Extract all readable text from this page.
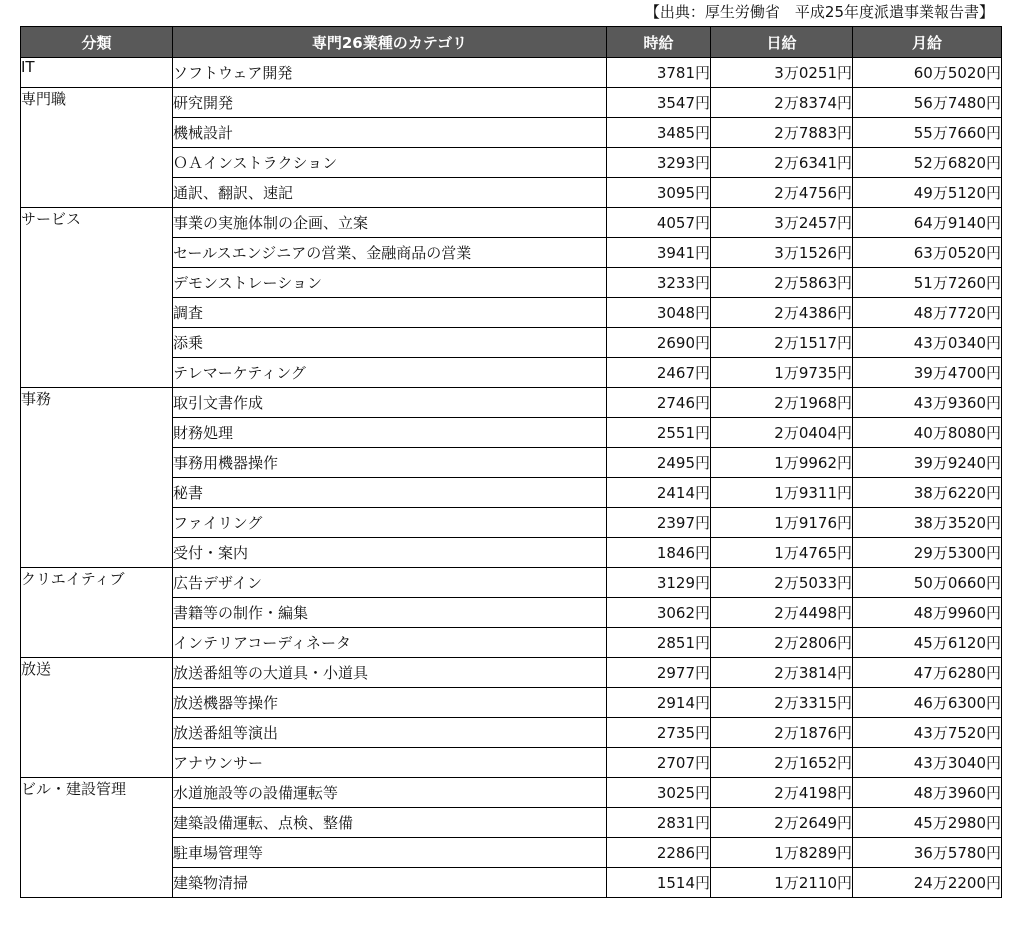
【出典：厚生労働省　平成25年度派遣事業報告書】
分類	専門26業種のカテゴリ	時給	日給	月給
IT	ソフトウェア開発	3781円	3万0251円	60万5020円
専門職	研究開発	3547円	2万8374円	56万7480円
	機械設計	3485円	2万7883円	55万7660円
	ＯＡインストラクション	3293円	2万6341円	52万6820円
	通訳、翻訳、速記	3095円	2万4756円	49万5120円
サービス	事業の実施体制の企画、立案	4057円	3万2457円	64万9140円
	セールスエンジニアの営業、金融商品の営業	3941円	3万1526円	63万0520円
	デモンストレーション	3233円	2万5863円	51万7260円
	調査	3048円	2万4386円	48万7720円
	添乗	2690円	2万1517円	43万0340円
	テレマーケティング	2467円	1万9735円	39万4700円
事務	取引文書作成	2746円	2万1968円	43万9360円
	財務処理	2551円	2万0404円	40万8080円
	事務用機器操作	2495円	1万9962円	39万9240円
	秘書	2414円	1万9311円	38万6220円
	ファイリング	2397円	1万9176円	38万3520円
	受付・案内	1846円	1万4765円	29万5300円
クリエイティブ	広告デザイン	3129円	2万5033円	50万0660円
	書籍等の制作・編集	3062円	2万4498円	48万9960円
	インテリアコーディネータ	2851円	2万2806円	45万6120円
放送	放送番組等の大道具・小道具	2977円	2万3814円	47万6280円
	放送機器等操作	2914円	2万3315円	46万6300円
	放送番組等演出	2735円	2万1876円	43万7520円
	アナウンサー	2707円	2万1652円	43万3040円
ビル・建設管理	水道施設等の設備運転等	3025円	2万4198円	48万3960円
	建築設備運転、点検、整備	2831円	2万2649円	45万2980円
	駐車場管理等	2286円	1万8289円	36万5780円
	建築物清掃	1514円	1万2110円	24万2200円
